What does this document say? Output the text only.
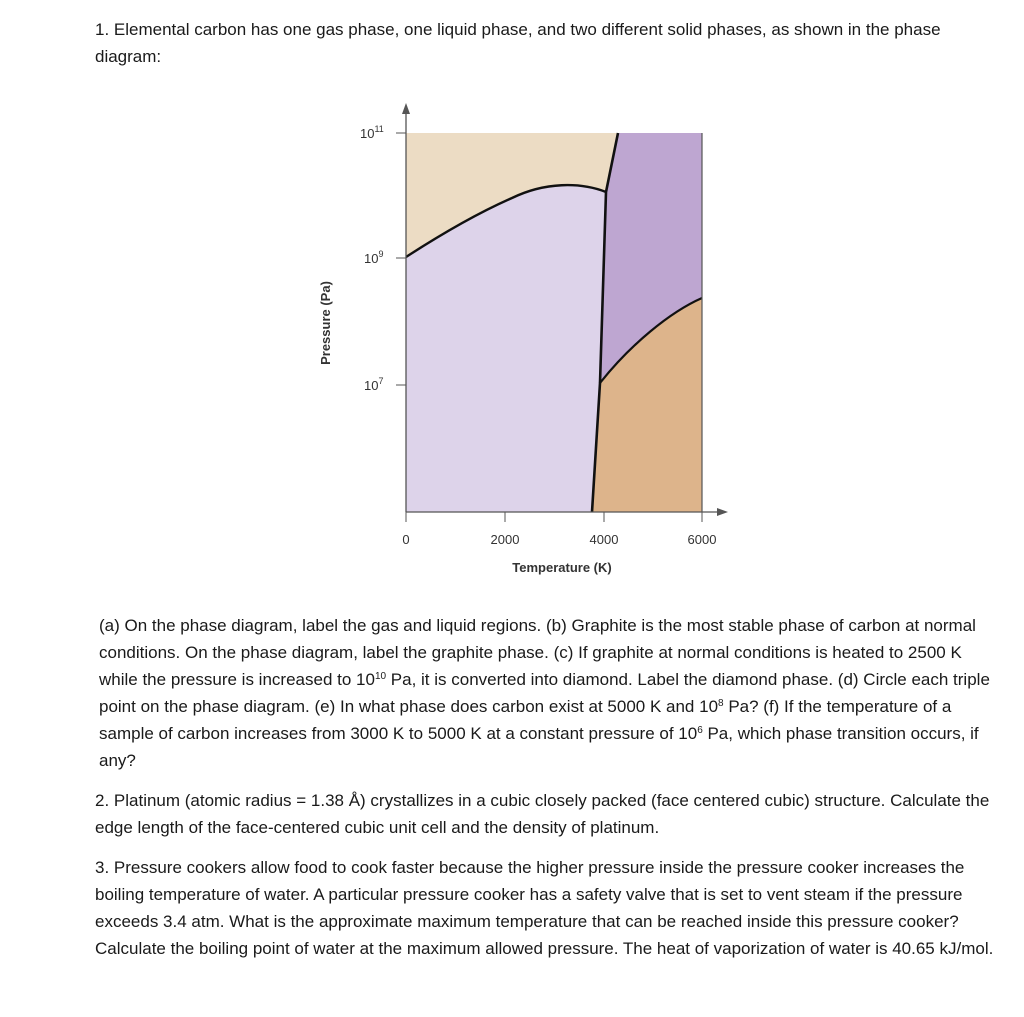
1. Elemental carbon has one gas phase, one liquid phase, and two different solid phases, as shown in the phase diagram:
$10^{11}$
$10^9$
$10^7$
0	2000	4000	6000
Temperature (K)
Pressure (Pa)

(a) On the phase diagram, label the gas and liquid regions. (b) Graphite is the most stable phase of carbon at normal conditions. On the phase diagram, label the graphite phase. (c) If graphite at normal conditions is heated to 2500 K while the pressure is increased to $10^{10}$ Pa, it is converted into diamond. Label the diamond phase. (d) Circle each triple point on the phase diagram. (e) In what phase does carbon exist at 5000 K and $10^8$ Pa? (f) If the temperature of a sample of carbon increases from 3000 K to 5000 K at a constant pressure of $10^6$ Pa, which phase transition occurs, if any?

2. Platinum (atomic radius = 1.38 Å) crystallizes in a cubic closely packed (face centered cubic) structure. Calculate the edge length of the face-centered cubic unit cell and the density of platinum.

3. Pressure cookers allow food to cook faster because the higher pressure inside the pressure cooker increases the boiling temperature of water. A particular pressure cooker has a safety valve that is set to vent steam if the pressure exceeds 3.4 atm. What is the approximate maximum temperature that can be reached inside this pressure cooker? Calculate the boiling point of water at the maximum allowed pressure. The heat of vaporization of water is 40.65 kJ/mol.
